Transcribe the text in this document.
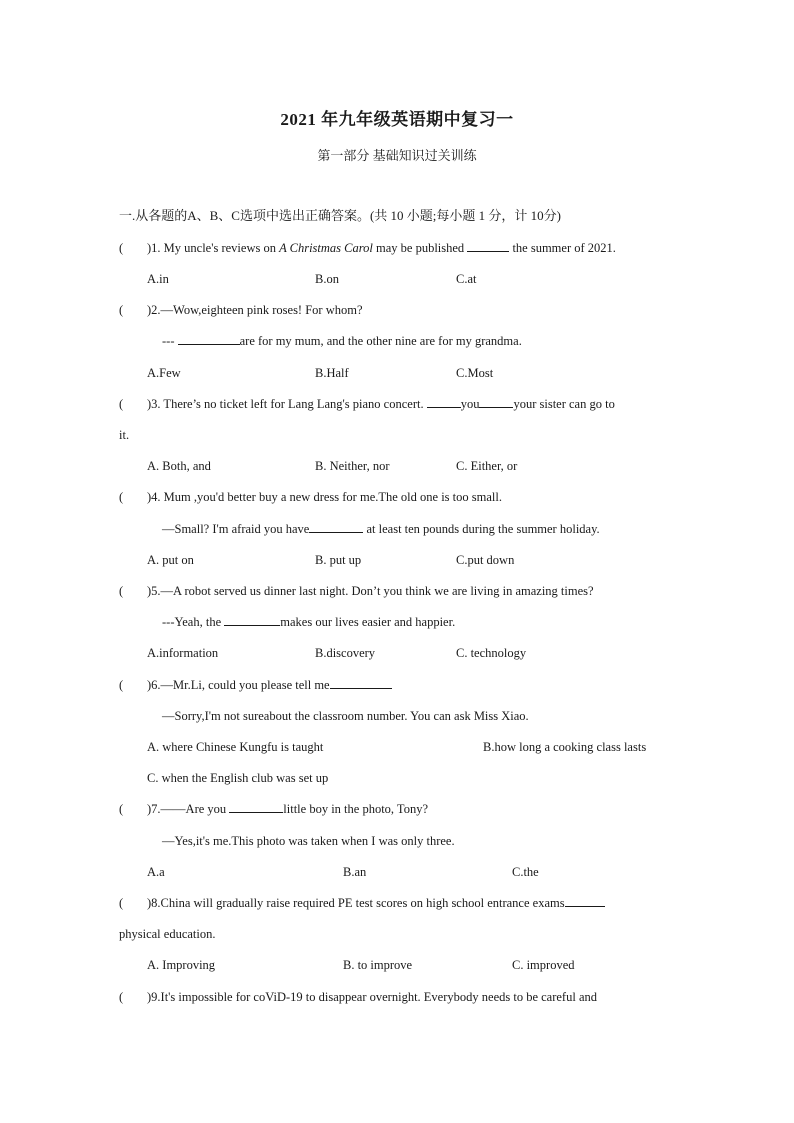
2021 年九年级英语期中复习一
第一部分 基础知识过关训练
一.从各题的A、B、C选项中选出正确答案。(共 10 小题;每小题 1 分，计 10分)
( )1. My uncle's reviews on A Christmas Carol may be published	the summer of 2021.
A.in	B.on	C.at
( )2.—Wow,eighteen pink roses! For whom?
---	are for my mum, and the other nine are for my grandma.
A.Few	B.Half	C.Most
( )3. There’s no ticket left for Lang Lang's piano concert.	you	your sister can go to
it.
A. Both, and	B. Neither, nor	C. Either, or
( )4. Mum ,you'd better buy a new dress for me.The old one is too small.
—Small? I'm afraid you have	at least ten pounds during the summer holiday.
A. put on	B. put up	C.put down
( )5.—A robot served us dinner last night. Don’t you think we are living in amazing times?
---Yeah, the	makes our lives easier and happier.
A.information	B.discovery	C. technology
( )6.—Mr.Li, could you please tell me
—Sorry,I'm not sureabout the classroom number. You can ask Miss Xiao.
A. where Chinese Kungfu is taught	B.how long a cooking class lasts
C. when the English club was set up
( )7.——Are you	little boy in the photo, Tony?
—Yes,it's me.This photo was taken when I was only three.
A.a	B.an	C.the
( )8.China will gradually raise required PE test scores on high school entrance exams
physical education.
A. Improving	B. to improve	C. improved
( )9.It's impossible for coViD-19 to disappear overnight. Everybody needs to be careful and
